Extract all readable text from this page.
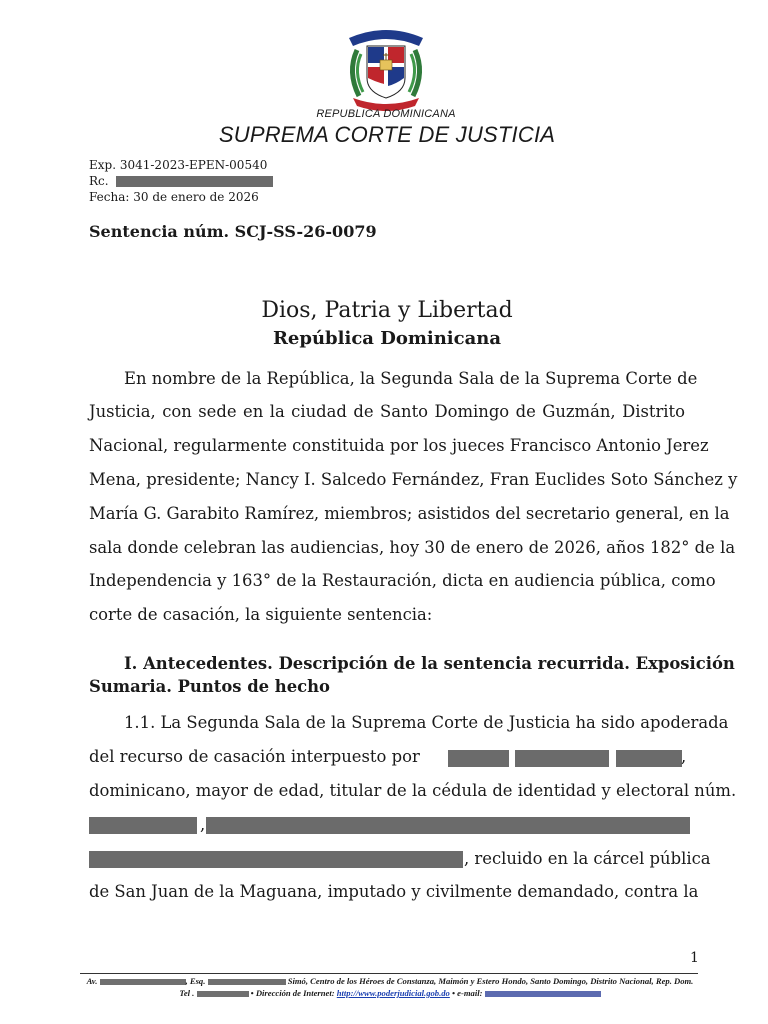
REPUBLICA DOMINICANA
SUPREMA CORTE DE JUSTICIA
Exp. 3041-2023-EPEN-00540
Rc.
Fecha: 30 de enero de 2026
Sentencia núm. SCJ-SS-26-0079
Dios, Patria y Libertad
República Dominicana
En nombre de la República, la Segunda Sala de la Suprema Corte de
Justicia, con sede en la ciudad de Santo Domingo de Guzmán, Distrito
Nacional, regularmente constituida por los jueces Francisco Antonio Jerez
Mena, presidente; Nancy I. Salcedo Fernández, Fran Euclides Soto Sánchez y
María G. Garabito Ramírez, miembros; asistidos del secretario general, en la
sala donde celebran las audiencias, hoy 30 de enero de 2026, años 182° de la
Independencia y 163° de la Restauración, dicta en audiencia pública, como
corte de casación, la siguiente sentencia:
I. Antecedentes. Descripción de la sentencia recurrida. Exposición
Sumaria. Puntos de hecho
1.1. La Segunda Sala de la Suprema Corte de Justicia ha sido apoderada
del recurso de casación interpuesto por	,
dominicano, mayor de edad, titular de la cédula de identidad y electoral núm.
,
, recluido en la cárcel pública
de San Juan de la Maguana, imputado y civilmente demandado, contra la
1
Av.	, Esq.	Simó, Centro de los Héroes de Constanza, Maimón y Estero Hondo, Santo Domingo, Distrito Nacional, Rep. Dom.
Tel .	• Dirección de Internet: http://www.poderjudicial.gob.do • e-mail:
